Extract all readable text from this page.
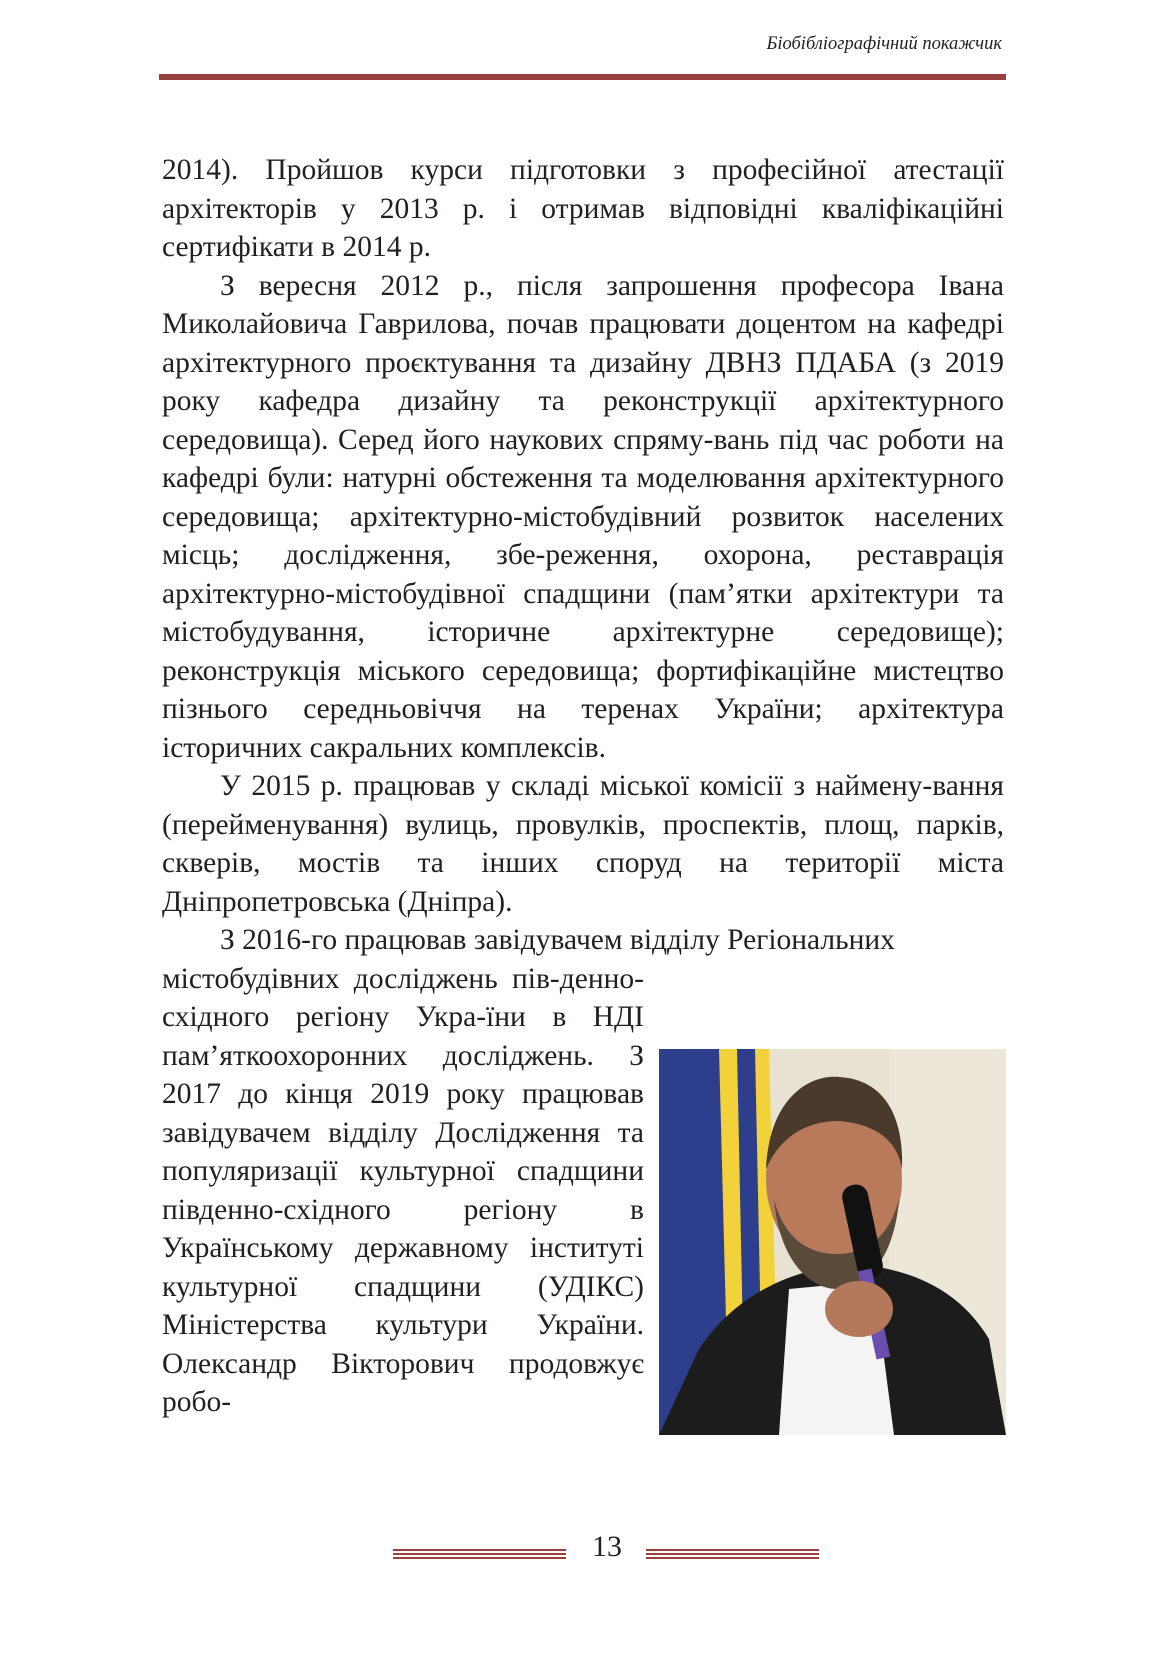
Біобібліографічний покажчик

2014). Пройшов курси підготовки з професійної атестації архітекторів у 2013 р. і отримав відповідні кваліфікаційні сертифікати в 2014 р.

З вересня 2012 р., після запрошення професора Івана Миколайовича Гаврилова, почав працювати доцентом на кафедрі архітектурного проєктування та дизайну ДВНЗ ПДАБА (з 2019 року кафедра дизайну та реконструкції архітектурного середовища). Серед його наукових спряму-вань під час роботи на кафедрі були: натурні обстеження та моделювання архітектурного середовища; архітектурно-містобудівний розвиток населених місць; дослідження, збе-реження, охорона, реставрація архітектурно-містобудівної спадщини (пам’ятки архітектури та містобудування, історичне архітектурне середовище); реконструкція міського середовища; фортифікаційне мистецтво пізнього середньовіччя на теренах України; архітектура історичних сакральних комплексів.

У 2015 р. працював у складі міської комісії з наймену-вання (перейменування) вулиць, провулків, проспектів, площ, парків, скверів, мостів та інших споруд на території міста Дніпропетровська (Дніпра).

З 2016-го працював завідувачем відділу Регіональних

містобудівних досліджень пів-денно-східного регіону Укра-їни в НДІ пам’яткоохоронних досліджень. З 2017 до кінця 2019 року працював завідувачем відділу Дослідження та популяризації культурної спадщини південно-східного регіону в Українському державному інституті культурної спадщини (УДІКС) Міністерства культури України. Олександр Вікторович продовжує робо-

13
